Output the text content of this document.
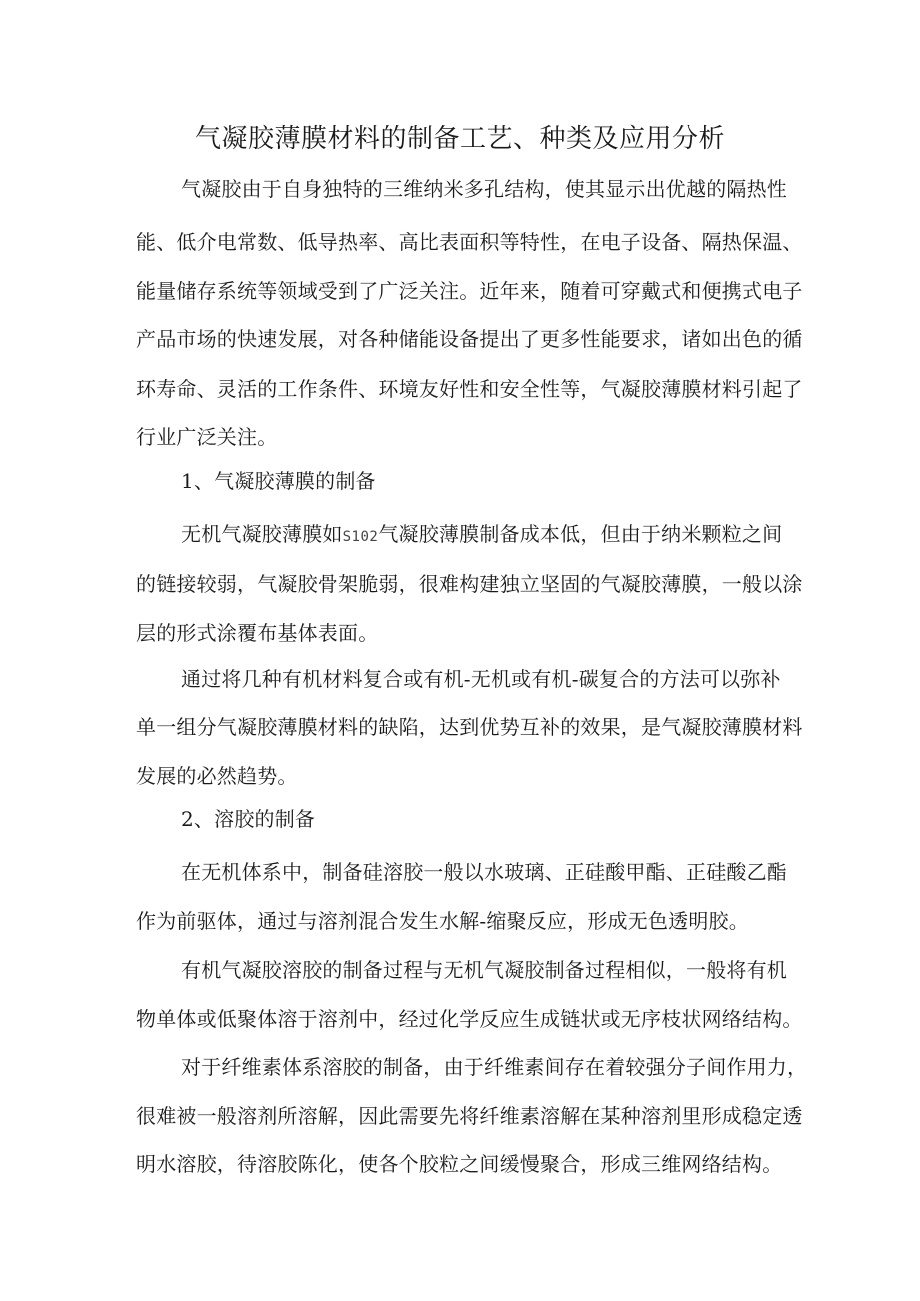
气凝胶薄膜材料的制备工艺、种类及应用分析
气凝胶由于自身独特的三维纳米多孔结构，使其显示出优越的隔热性
能、低介电常数、低导热率、高比表面积等特性，在电子设备、隔热保温、
能量储存系统等领域受到了广泛关注。近年来，随着可穿戴式和便携式电子
产品市场的快速发展，对各种储能设备提出了更多性能要求，诸如出色的循
环寿命、灵活的工作条件、环境友好性和安全性等，气凝胶薄膜材料引起了
行业广泛关注。
1、气凝胶薄膜的制备
无机气凝胶薄膜如S102气凝胶薄膜制备成本低，但由于纳米颗粒之间
的链接较弱，气凝胶骨架脆弱，很难构建独立坚固的气凝胶薄膜，一般以涂
层的形式涂覆布基体表面。
通过将几种有机材料复合或有机-无机或有机-碳复合的方法可以弥补
单一组分气凝胶薄膜材料的缺陷，达到优势互补的效果，是气凝胶薄膜材料
发展的必然趋势。
2、溶胶的制备
在无机体系中，制备硅溶胶一般以水玻璃、正硅酸甲酯、正硅酸乙酯
作为前驱体，通过与溶剂混合发生水解-缩聚反应，形成无色透明胶。
有机气凝胶溶胶的制备过程与无机气凝胶制备过程相似，一般将有机
物单体或低聚体溶于溶剂中，经过化学反应生成链状或无序枝状网络结构。
对于纤维素体系溶胶的制备，由于纤维素间存在着较强分子间作用力，
很难被一般溶剂所溶解，因此需要先将纤维素溶解在某种溶剂里形成稳定透
明水溶胶，待溶胶陈化，使各个胶粒之间缓慢聚合，形成三维网络结构。
